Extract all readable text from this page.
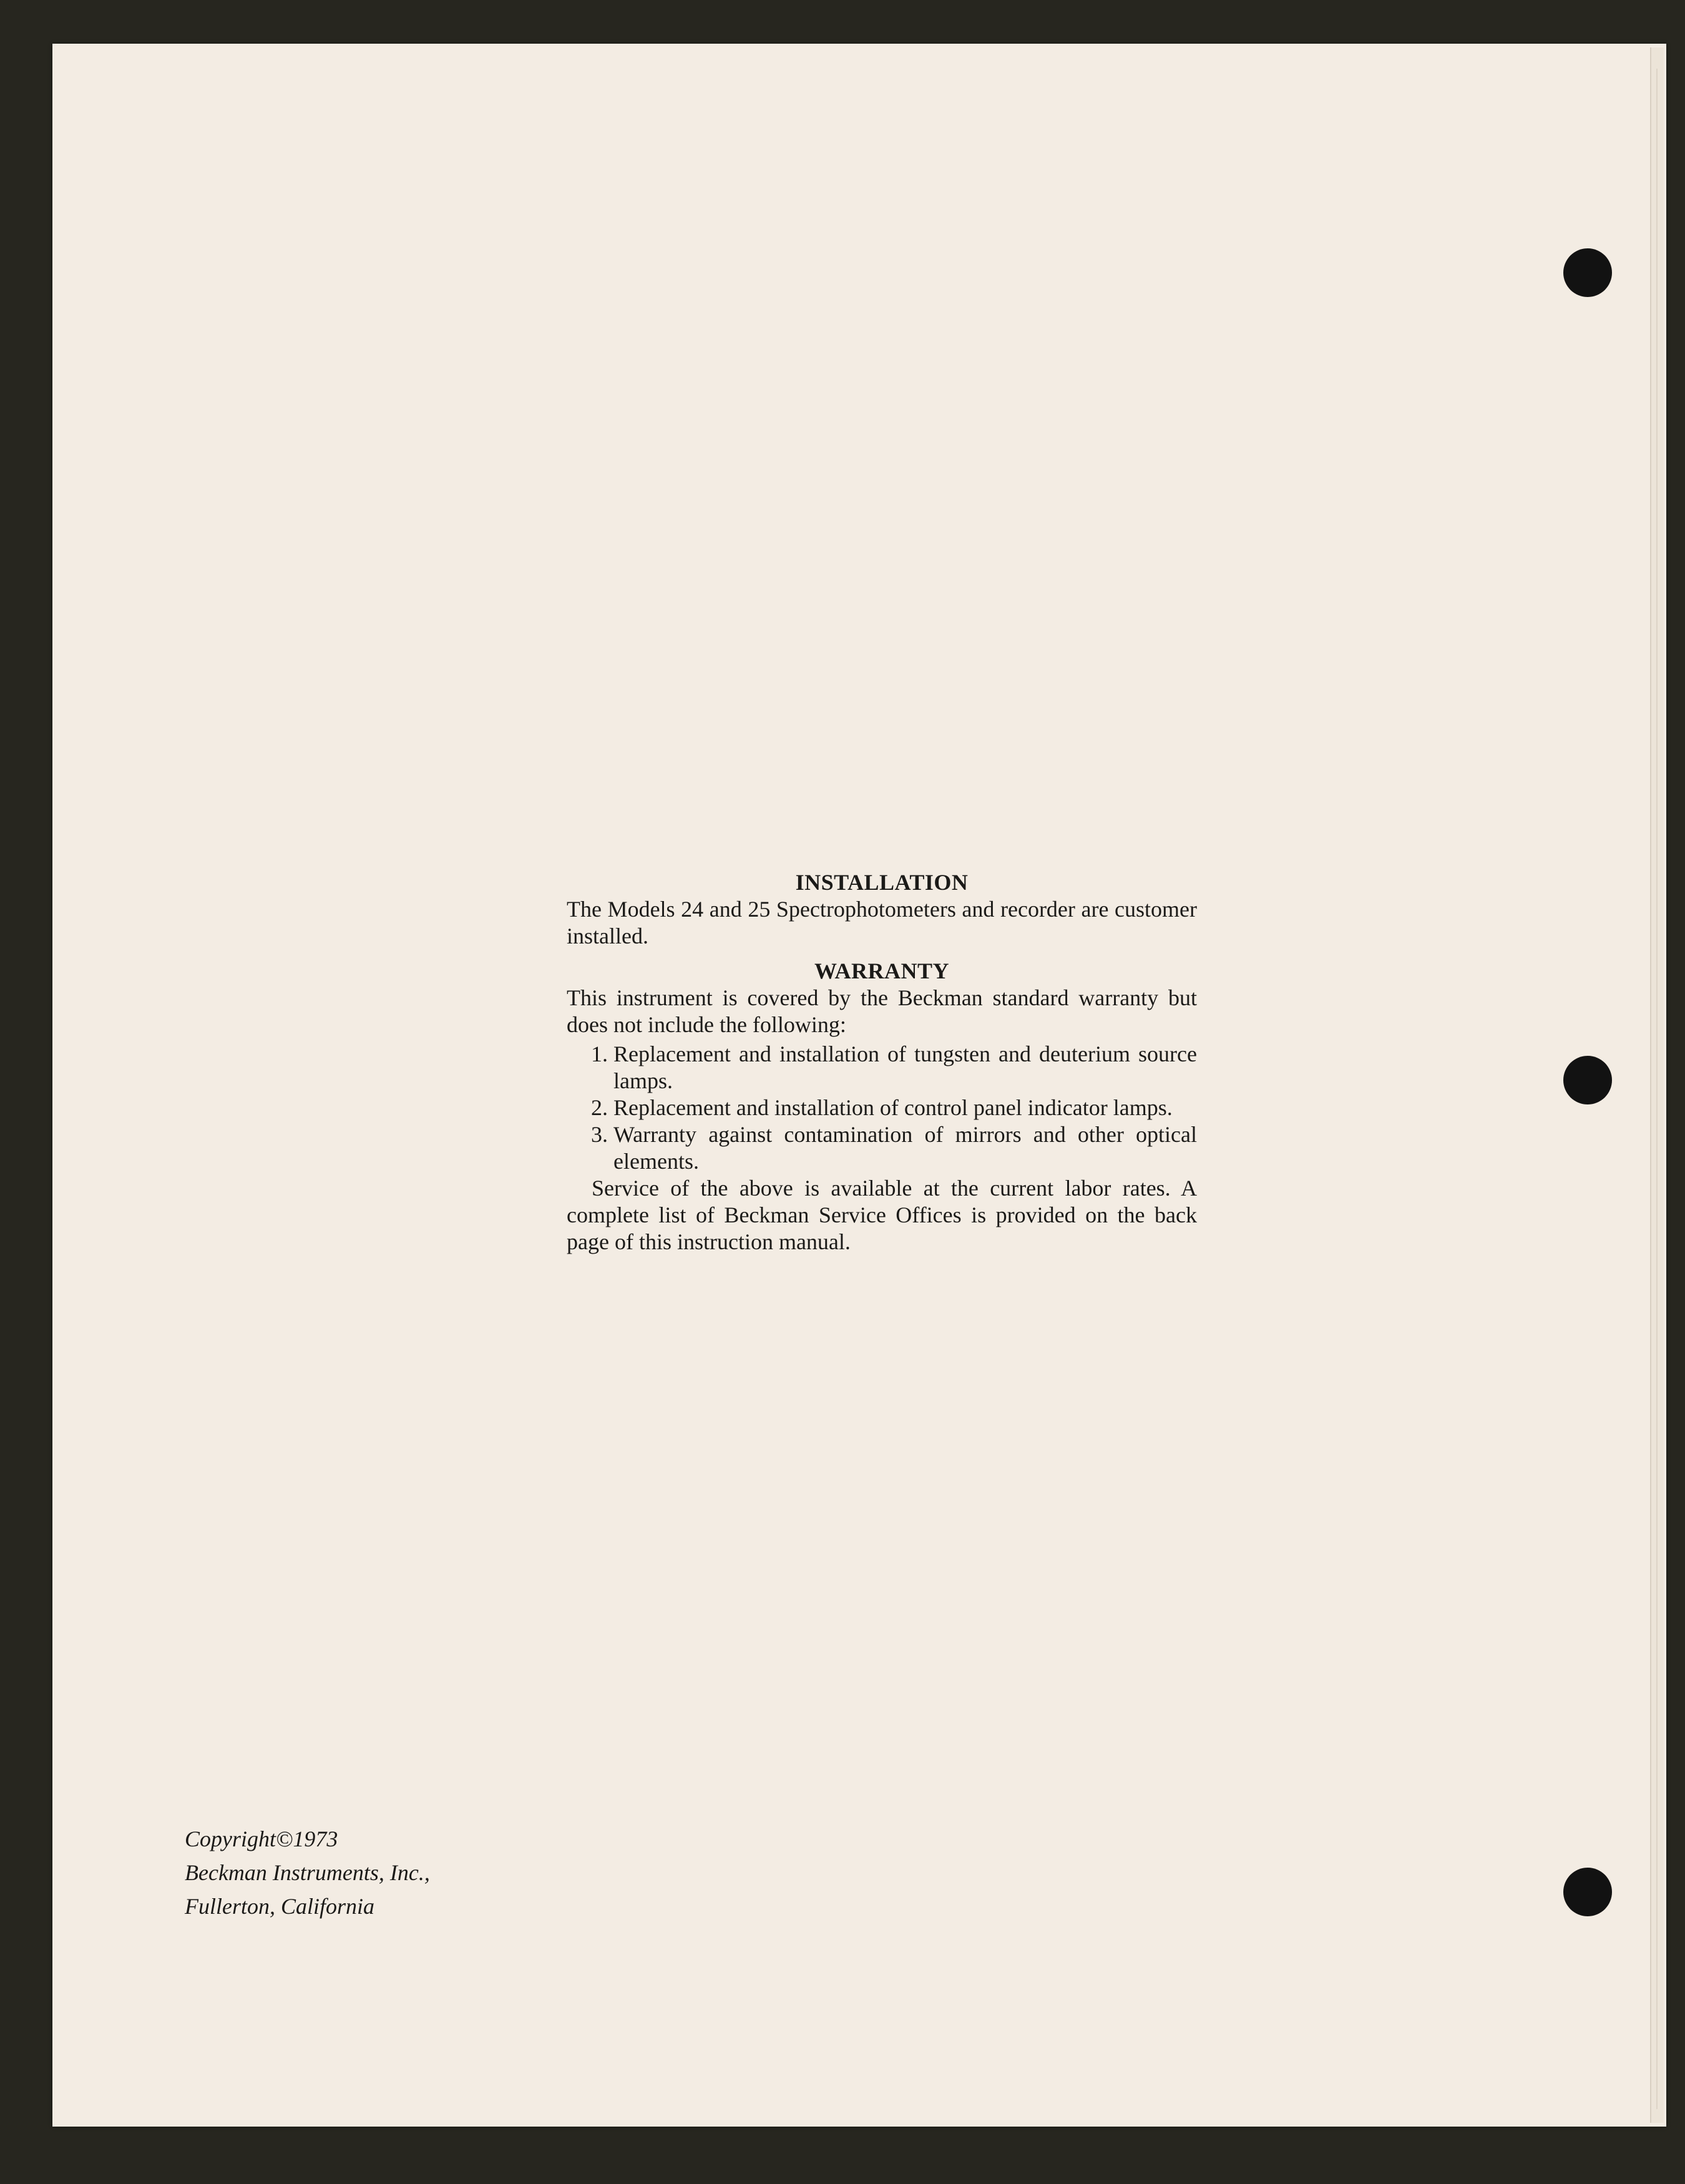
INSTALLATION

The Models 24 and 25 Spectrophotometers and recorder are customer installed.

WARRANTY

This instrument is covered by the Beckman standard warranty but does not include the following:

1. Replacement and installation of tungsten and deuterium source lamps.
2. Replacement and installation of control panel indicator lamps.
3. Warranty against contamination of mirrors and other optical elements.

Service of the above is available at the current labor rates. A complete list of Beckman Service Offices is provided on the back page of this instruction manual.

Copyright©1973
Beckman Instruments, Inc.,
Fullerton, California
